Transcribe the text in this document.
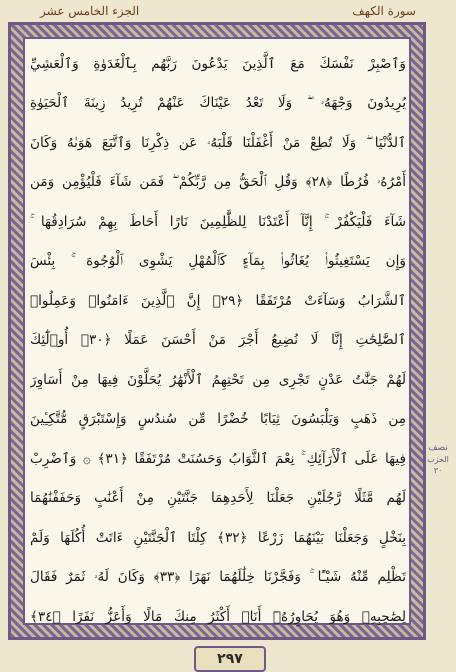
الجزء الخامس عشر	سورة الكهف
وَٱصْبِرْ نَفْسَكَ مَعَ ٱلَّذِينَ يَدْعُونَ رَبَّهُم بِٱلْغَدَوٰةِ وَٱلْعَشِيِّ
يُرِيدُونَ وَجْهَهُۥ ۖ وَلَا تَعْدُ عَيْنَاكَ عَنْهُمْ تُرِيدُ زِينَةَ ٱلْحَيَوٰةِ
ٱلدُّنْيَا ۖ وَلَا تُطِعْ مَنْ أَغْفَلْنَا قَلْبَهُۥ عَن ذِكْرِنَا وَٱتَّبَعَ هَوَىٰهُ وَكَانَ
أَمْرُهُۥ فُرُطًا ﴿٢٨﴾ وَقُلِ ٱلْحَقُّ مِن رَّبِّكُمْ ۖ فَمَن شَآءَ فَلْيُؤْمِن وَمَن
شَآءَ فَلْيَكْفُرْ ۚ إِنَّآ أَعْتَدْنَا لِلظَّٰلِمِينَ نَارًا أَحَاطَ بِهِمْ سُرَادِقُهَا ۚ
وَإِن يَسْتَغِيثُوا۟ يُغَاثُوا۟ بِمَآءٍ كَٱلْمُهْلِ يَشْوِى ٱلْوُجُوهَ ۚ بِئْسَ
ٱلشَّرَابُ وَسَآءَتْ مُرْتَفَقًا ﴿٢٩﴾ إِنَّ ٱلَّذِينَ ءَامَنُوا۟ وَعَمِلُوا۟
ٱلصَّٰلِحَٰتِ إِنَّا لَا نُضِيعُ أَجْرَ مَنْ أَحْسَنَ عَمَلًا ﴿٣٠﴾ أُو۟لَٰٓئِكَ
لَهُمْ جَنَّٰتُ عَدْنٍ تَجْرِى مِن تَحْتِهِمُ ٱلْأَنْهَٰرُ يُحَلَّوْنَ فِيهَا مِنْ أَسَاوِرَ
مِن ذَهَبٍ وَيَلْبَسُونَ ثِيَابًا خُضْرًا مِّن سُندُسٍ وَإِسْتَبْرَقٍ مُّتَّكِـِٔينَ
فِيهَا عَلَى ٱلْأَرَآئِكِ ۚ نِعْمَ ٱلثَّوَابُ وَحَسُنَتْ مُرْتَفَقًا ﴿٣١﴾ ۞ وَٱضْرِبْ
لَهُم مَّثَلًا رَّجُلَيْنِ جَعَلْنَا لِأَحَدِهِمَا جَنَّتَيْنِ مِنْ أَعْنَٰبٍ وَحَفَفْنَٰهُمَا
بِنَخْلٍ وَجَعَلْنَا بَيْنَهُمَا زَرْعًا ﴿٣٢﴾ كِلْتَا ٱلْجَنَّتَيْنِ ءَاتَتْ أُكُلَهَا وَلَمْ
تَظْلِم مِّنْهُ شَيْـًٔا ۚ وَفَجَّرْنَا خِلَٰلَهُمَا نَهَرًا ﴿٣٣﴾ وَكَانَ لَهُۥ ثَمَرٌ فَقَالَ
لِصَٰحِبِهِۦ وَهُوَ يُحَاوِرُهُۥٓ أَنَا۠ أَكْثَرُ مِنكَ مَالًا وَأَعَزُّ نَفَرًا ﴿٣٤﴾
نصف
الحزب
٣٠
٢٩٧
